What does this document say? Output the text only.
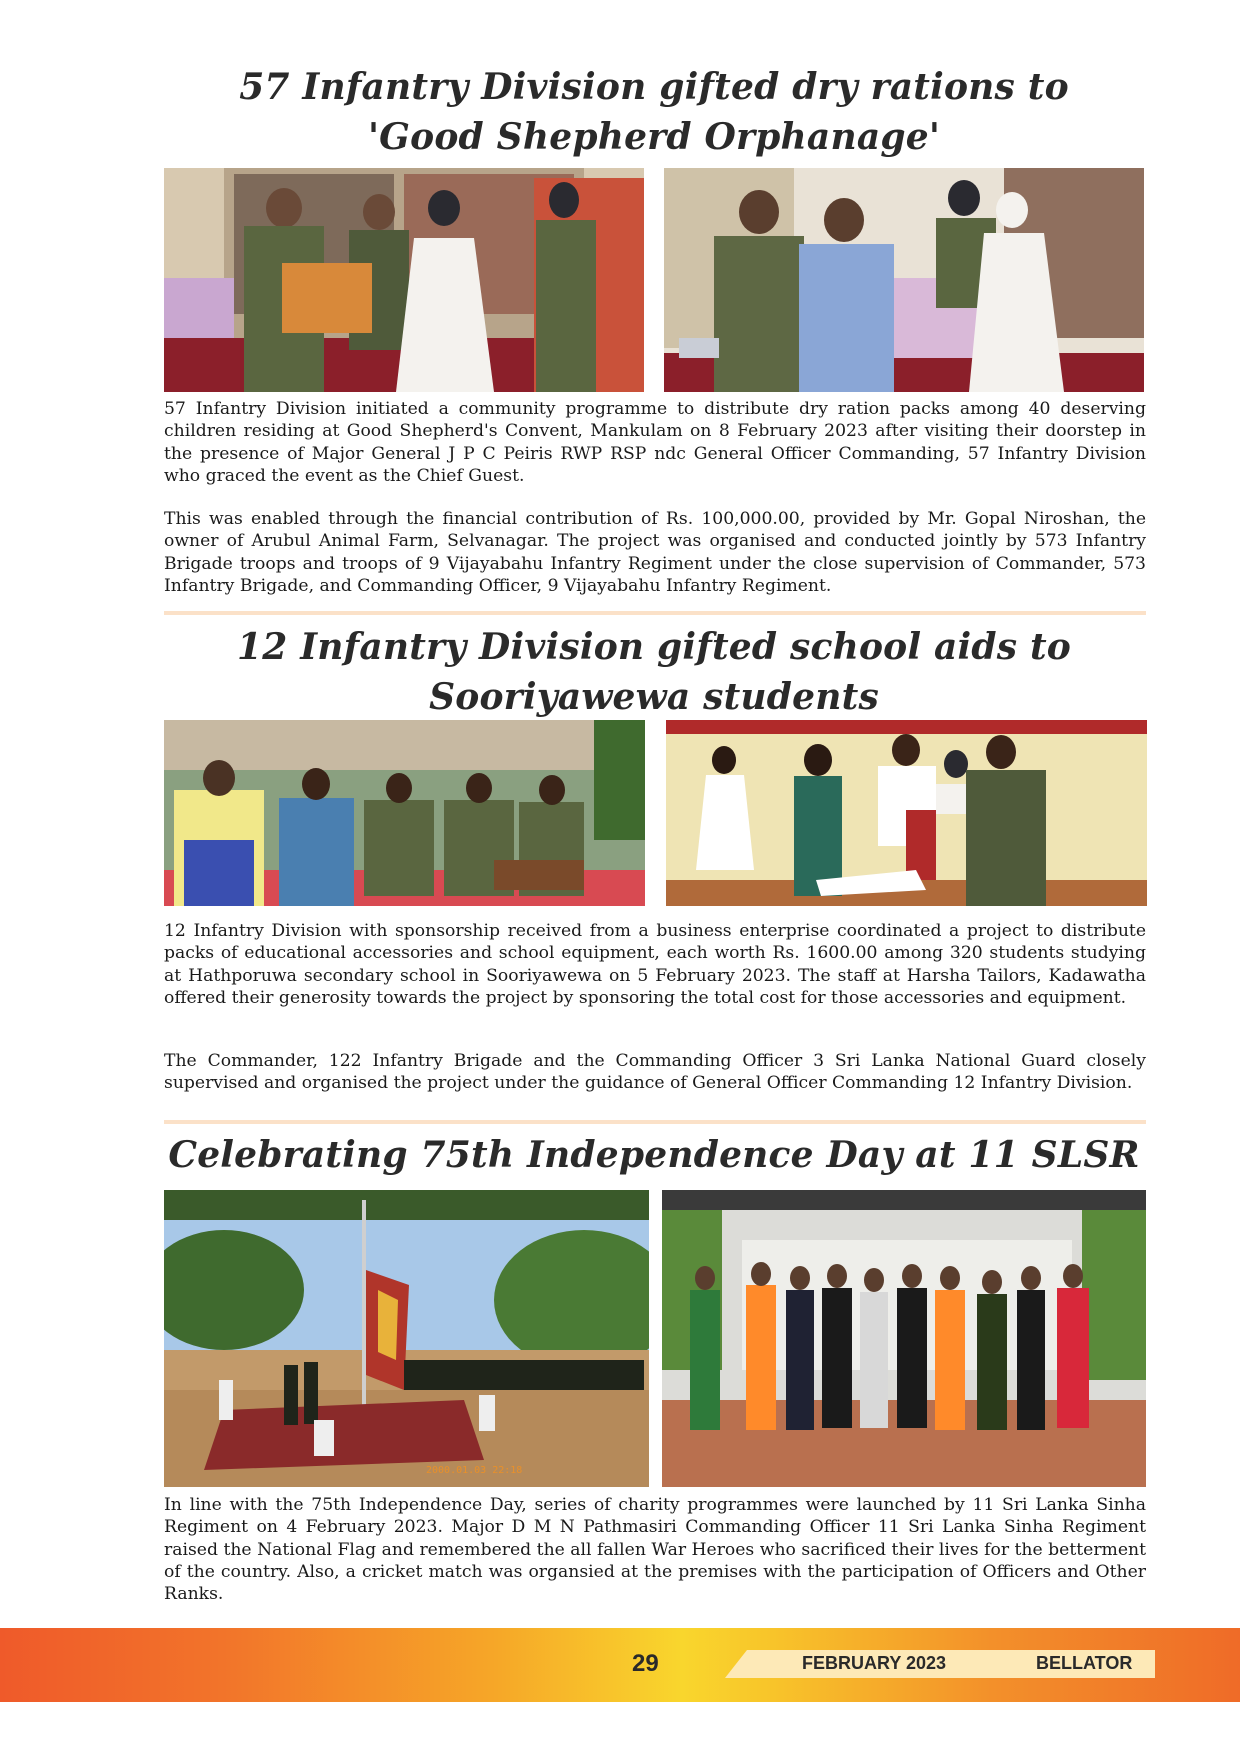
57 Infantry Division gifted dry rations to
'Good Shepherd Orphanage'

57 Infantry Division initiated a community programme to distribute dry ration packs among 40 deserving children residing at Good Shepherd's Convent, Mankulam on 8 February 2023 after visiting their doorstep in the presence of Major General J P C Peiris RWP RSP ndc General Officer Commanding, 57 Infantry Division who graced the event as the Chief Guest.

This was enabled through the financial contribution of Rs. 100,000.00, provided by Mr. Gopal Niroshan, the owner of Arubul Animal Farm, Selvanagar. The project was organised and conducted jointly by 573 Infantry Brigade troops and troops of 9 Vijayabahu Infantry Regiment under the close supervision of Commander, 573 Infantry Brigade, and Commanding Officer, 9 Vijayabahu Infantry Regiment.

12 Infantry Division gifted school aids to
Sooriyawewa students

12 Infantry Division with sponsorship received from a business enterprise coordinated a project to distribute packs of educational accessories and school equipment, each worth Rs. 1600.00 among 320 students studying at Hathporuwa secondary school in Sooriyawewa on 5 February 2023. The staff at Harsha Tailors, Kadawatha offered their generosity towards the project by sponsoring the total cost for those accessories and equipment.

The Commander, 122 Infantry Brigade and the Commanding Officer 3 Sri Lanka National Guard closely supervised and organised the project under the guidance of General Officer Commanding 12 Infantry Division.

Celebrating 75th Independence Day at 11 SLSR
2000.01.03 22:18

In line with the 75th Independence Day, series of charity programmes were launched by 11 Sri Lanka Sinha Regiment on 4 February 2023. Major D M N Pathmasiri Commanding Officer 11 Sri Lanka Sinha Regiment raised the National Flag and remembered the all fallen War Heroes who sacrificed their lives for the betterment of the country. Also, a cricket match was organsied at the premises with the participation of Officers and Other Ranks.

29	FEBRUARY 2023	BELLATOR
